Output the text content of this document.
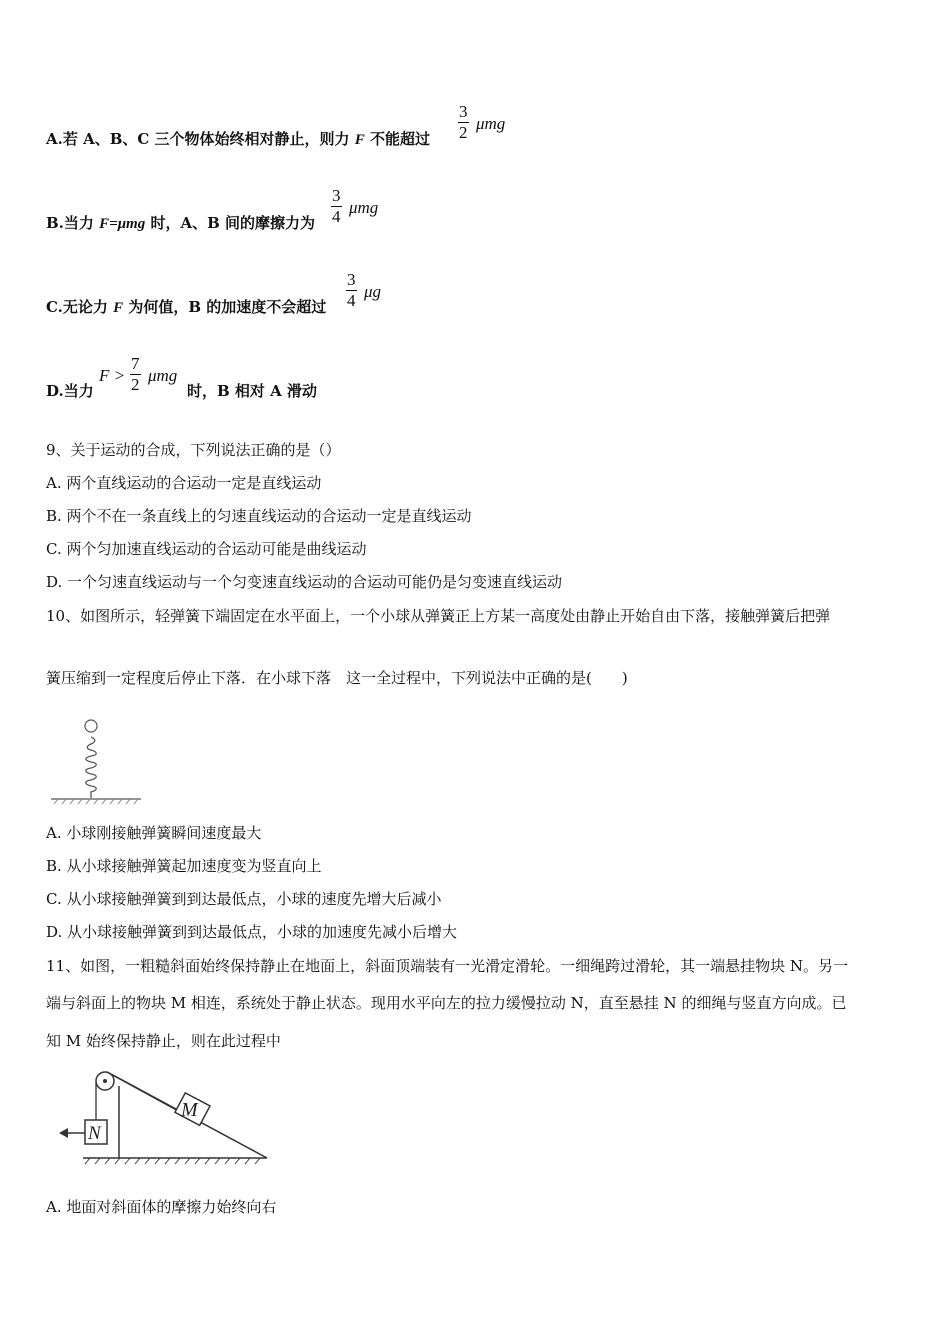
A.若 A、B、C 三个物体始终相对静止，则力 F 不能超过 $\frac{3}{2}$ μmg
B.当力 F=μmg 时，A、B 间的摩擦力为 $\frac{3}{4}$ μmg
C.无论力 F 为何值，B 的加速度不会超过 $\frac{3}{4}$ μg
D.当力
$F > \frac{7}{2}$ μmg
时，B 相对 A 滑动
9、关于运动的合成，下列说法正确的是（）
A. 两个直线运动的合运动一定是直线运动
B. 两个不在一条直线上的匀速直线运动的合运动一定是直线运动
C. 两个匀加速直线运动的合运动可能是曲线运动
D. 一个匀速直线运动与一个匀变速直线运动的合运动可能仍是匀变速直线运动
10、如图所示，轻弹簧下端固定在水平面上，一个小球从弹簧正上方某一高度处由静止开始自由下落，接触弹簧后把弹
簧压缩到一定程度后停止下落．在小球下落　这一全过程中，下列说法中正确的是(　　)
A. 小球刚接触弹簧瞬间速度最大
B. 从小球接触弹簧起加速度变为竖直向上
C. 从小球接触弹簧到到达最低点，小球的速度先增大后减小
D. 从小球接触弹簧到到达最低点，小球的加速度先减小后增大
11、如图，一粗糙斜面始终保持静止在地面上，斜面顶端装有一光滑定滑轮。一细绳跨过滑轮，其一端悬挂物块 N。另一
端与斜面上的物块 M 相连，系统处于静止状态。现用水平向左的拉力缓慢拉动 N，直至悬挂 N 的细绳与竖直方向成。已
知 M 始终保持静止，则在此过程中
M
N
A. 地面对斜面体的摩擦力始终向右
